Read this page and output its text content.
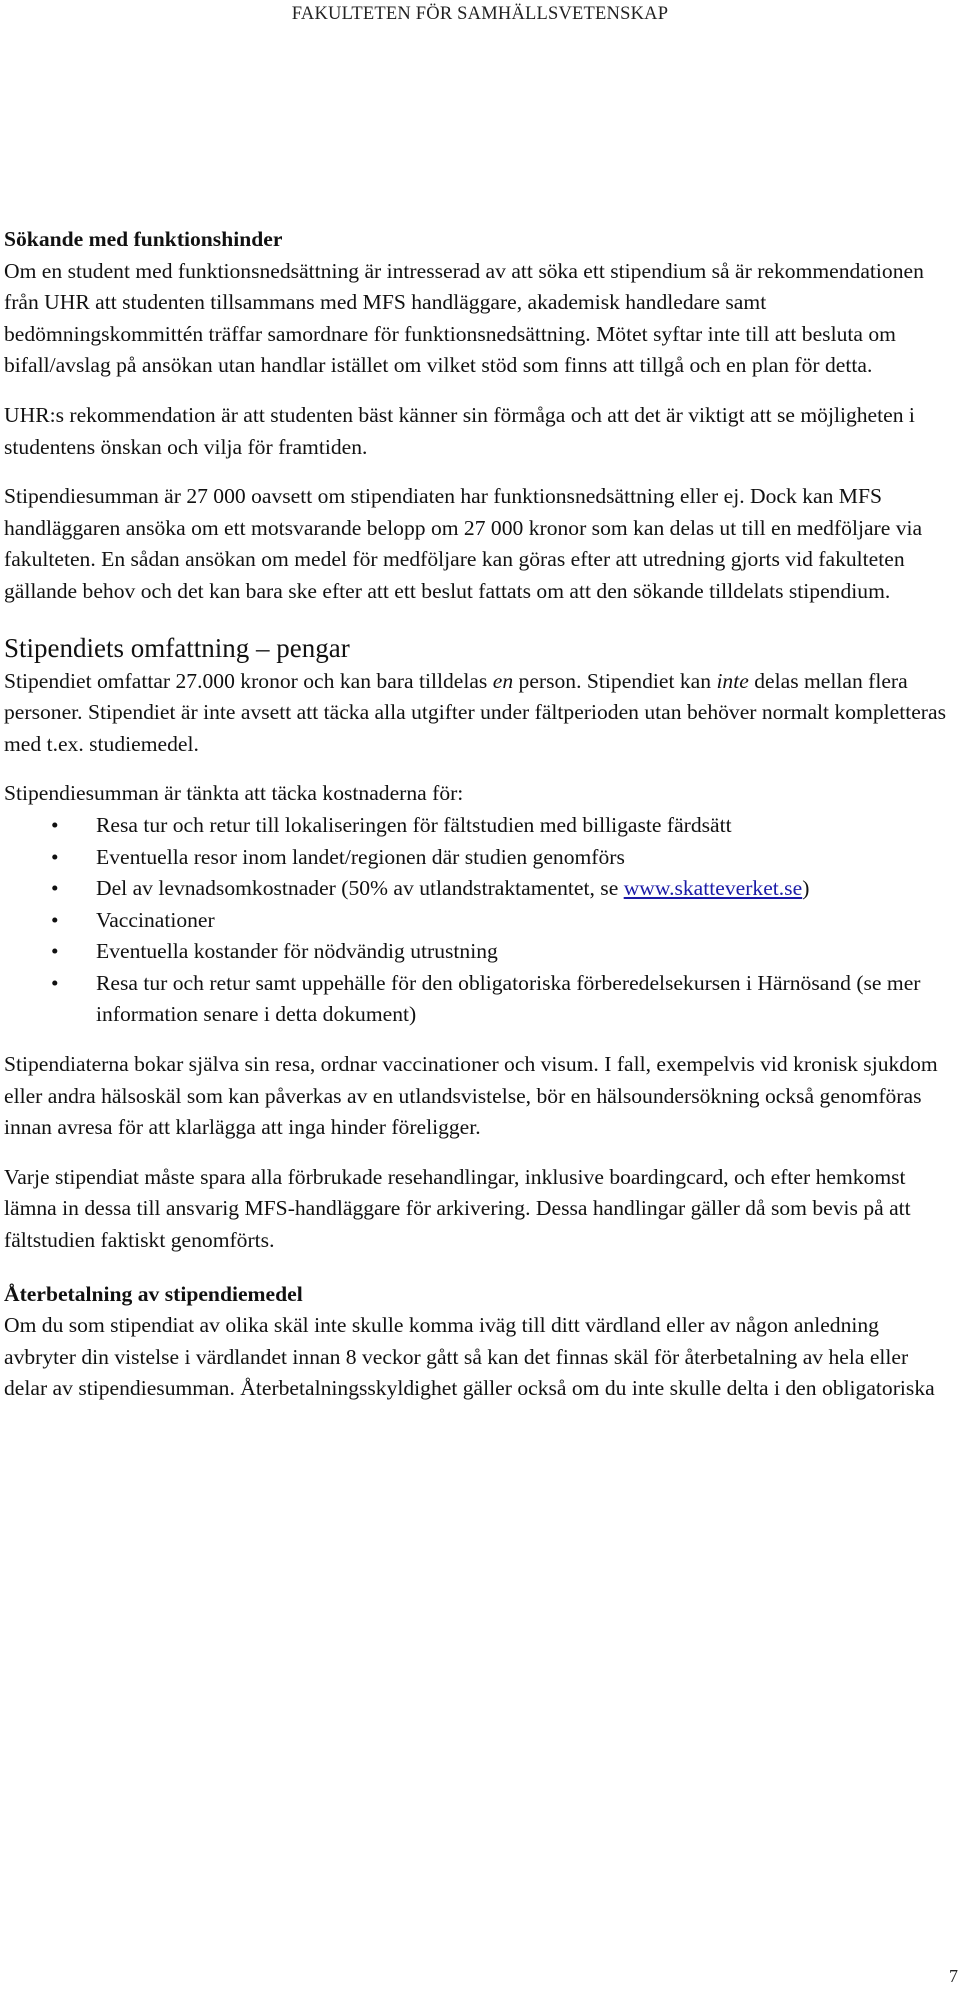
FAKULTETEN FÖR SAMHÄLLSVETENSKAP

Sökande med funktionshinder

Om en student med funktionsnedsättning är intresserad av att söka ett stipendium så är rekommendationen från UHR att studenten tillsammans med MFS handläggare, akademisk handledare samt bedömningskommittén träffar samordnare för funktionsnedsättning. Mötet syftar inte till att besluta om bifall/avslag på ansökan utan handlar istället om vilket stöd som finns att tillgå och en plan för detta.

UHR:s rekommendation är att studenten bäst känner sin förmåga och att det är viktigt att se möjligheten i studentens önskan och vilja för framtiden.

Stipendiesumman är 27 000 oavsett om stipendiaten har funktionsnedsättning eller ej. Dock kan MFS handläggaren ansöka om ett motsvarande belopp om 27 000 kronor som kan delas ut till en medföljare via fakulteten. En sådan ansökan om medel för medföljare kan göras efter att utredning gjorts vid fakulteten gällande behov och det kan bara ske efter att ett beslut fattats om att den sökande tilldelats stipendium.

Stipendiets omfattning – pengar

Stipendiet omfattar 27.000 kronor och kan bara tilldelas en person. Stipendiet kan inte delas mellan flera personer. Stipendiet är inte avsett att täcka alla utgifter under fältperioden utan behöver normalt kompletteras med t.ex. studiemedel.

Stipendiesumman är tänkta att täcka kostnaderna för:

• Resa tur och retur till lokaliseringen för fältstudien med billigaste färdsätt
• Eventuella resor inom landet/regionen där studien genomförs
• Del av levnadsomkostnader (50% av utlandstraktamentet, se www.skatteverket.se)
• Vaccinationer
• Eventuella kostander för nödvändig utrustning
• Resa tur och retur samt uppehälle för den obligatoriska förberedelsekursen i Härnösand (se mer information senare i detta dokument)

Stipendiaterna bokar själva sin resa, ordnar vaccinationer och visum. I fall, exempelvis vid kronisk sjukdom eller andra hälsoskäl som kan påverkas av en utlandsvistelse, bör en hälsoundersökning också genomföras innan avresa för att klarlägga att inga hinder föreligger.

Varje stipendiat måste spara alla förbrukade resehandlingar, inklusive boardingcard, och efter hemkomst lämna in dessa till ansvarig MFS-handläggare för arkivering. Dessa handlingar gäller då som bevis på att fältstudien faktiskt genomförts.

Återbetalning av stipendiemedel

Om du som stipendiat av olika skäl inte skulle komma iväg till ditt värdland eller av någon anledning avbryter din vistelse i värdlandet innan 8 veckor gått så kan det finnas skäl för återbetalning av hela eller delar av stipendiesumman. Återbetalningsskyldighet gäller också om du inte skulle delta i den obligatoriska

7
